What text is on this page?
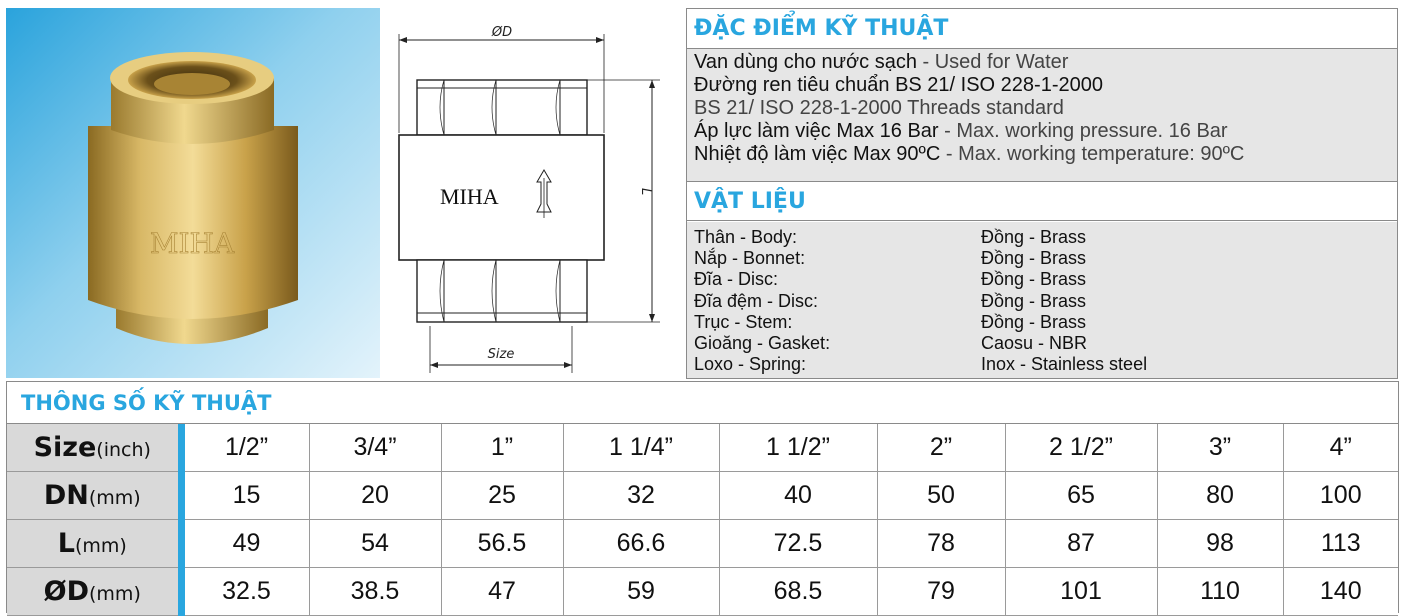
MIHA
ØD
MIHA	L
Size
ĐẶC ĐIỂM KỸ THUẬT
Van dùng cho nước sạch - Used for Water
Đường ren tiêu chuẩn BS 21/ ISO 228-1-2000
BS 21/ ISO 228-1-2000 Threads standard
Áp lực làm việc Max 16 Bar - Max. working pressure. 16 Bar
Nhiệt độ làm việc Max 90ºC - Max. working temperature: 90ºC
VẬT LIỆU
Thân - Body:	Đồng - Brass
Nắp - Bonnet:	Đồng - Brass
Đĩa - Disc:	Đồng - Brass
Đĩa đệm - Disc:	Đồng - Brass
Trục - Stem:	Đồng - Brass
Gioăng - Gasket:	Caosu - NBR
Loxo - Spring:	Inox - Stainless steel
THÔNG SỐ KỸ THUẬT
Size(inch)	1/2”	3/4”	1”	1 1/4”	1 1/2”	2”	2 1/2”	3”	4”
DN(mm)	15	20	25	32	40	50	65	80	100
L(mm)	49	54	56.5	66.6	72.5	78	87	98	113
ØD(mm)	32.5	38.5	47	59	68.5	79	101	110	140
